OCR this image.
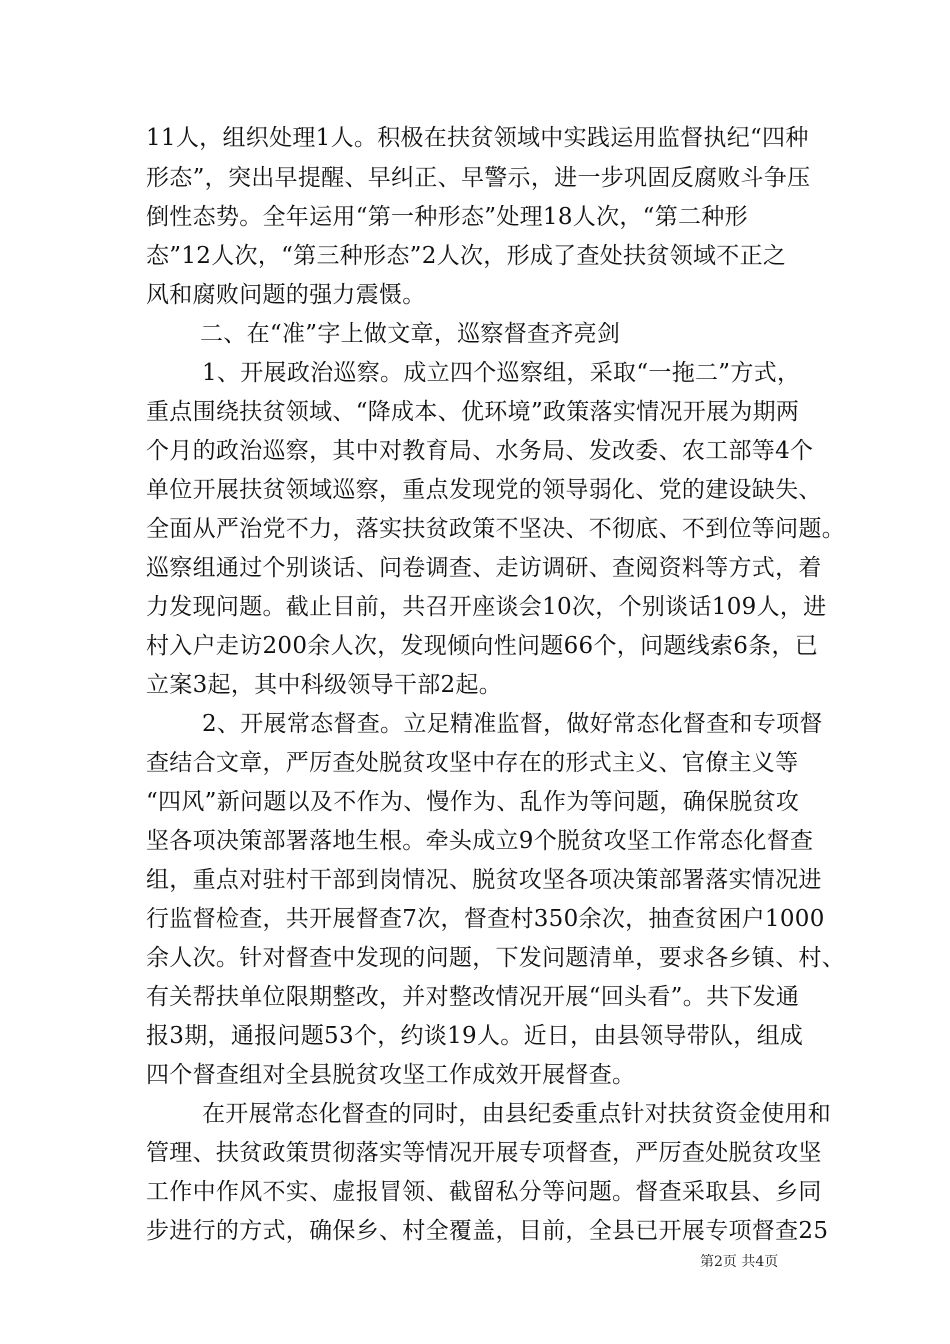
11人，组织处理1人。积极在扶贫领域中实践运用监督执纪“四种
形态”，突出早提醒、早纠正、早警示，进一步巩固反腐败斗争压
倒性态势。全年运用“第一种形态”处理18人次，“第二种形
态”12人次，“第三种形态”2人次，形成了查处扶贫领域不正之
风和腐败问题的强力震慑。
二、在“准”字上做文章，巡察督查齐亮剑
1、开展政治巡察。成立四个巡察组，采取“一拖二”方式，
重点围绕扶贫领域、“降成本、优环境”政策落实情况开展为期两
个月的政治巡察，其中对教育局、水务局、发改委、农工部等4个
单位开展扶贫领域巡察，重点发现党的领导弱化、党的建设缺失、
全面从严治党不力，落实扶贫政策不坚决、不彻底、不到位等问题。
巡察组通过个别谈话、问卷调查、走访调研、查阅资料等方式，着
力发现问题。截止目前，共召开座谈会10次，个别谈话109人，进
村入户走访200余人次，发现倾向性问题66个，问题线索6条，已
立案3起，其中科级领导干部2起。
2、开展常态督查。立足精准监督，做好常态化督查和专项督
查结合文章，严厉查处脱贫攻坚中存在的形式主义、官僚主义等
“四风”新问题以及不作为、慢作为、乱作为等问题，确保脱贫攻
坚各项决策部署落地生根。牵头成立9个脱贫攻坚工作常态化督查
组，重点对驻村干部到岗情况、脱贫攻坚各项决策部署落实情况进
行监督检查，共开展督查7次，督查村350余次，抽查贫困户1000
余人次。针对督查中发现的问题，下发问题清单，要求各乡镇、村、
有关帮扶单位限期整改，并对整改情况开展“回头看”。共下发通
报3期，通报问题53个，约谈19人。近日，由县领导带队，组成
四个督查组对全县脱贫攻坚工作成效开展督查。
在开展常态化督查的同时，由县纪委重点针对扶贫资金使用和
管理、扶贫政策贯彻落实等情况开展专项督查，严厉查处脱贫攻坚
工作中作风不实、虚报冒领、截留私分等问题。督查采取县、乡同
步进行的方式，确保乡、村全覆盖，目前，全县已开展专项督查25
第2页 共4页
